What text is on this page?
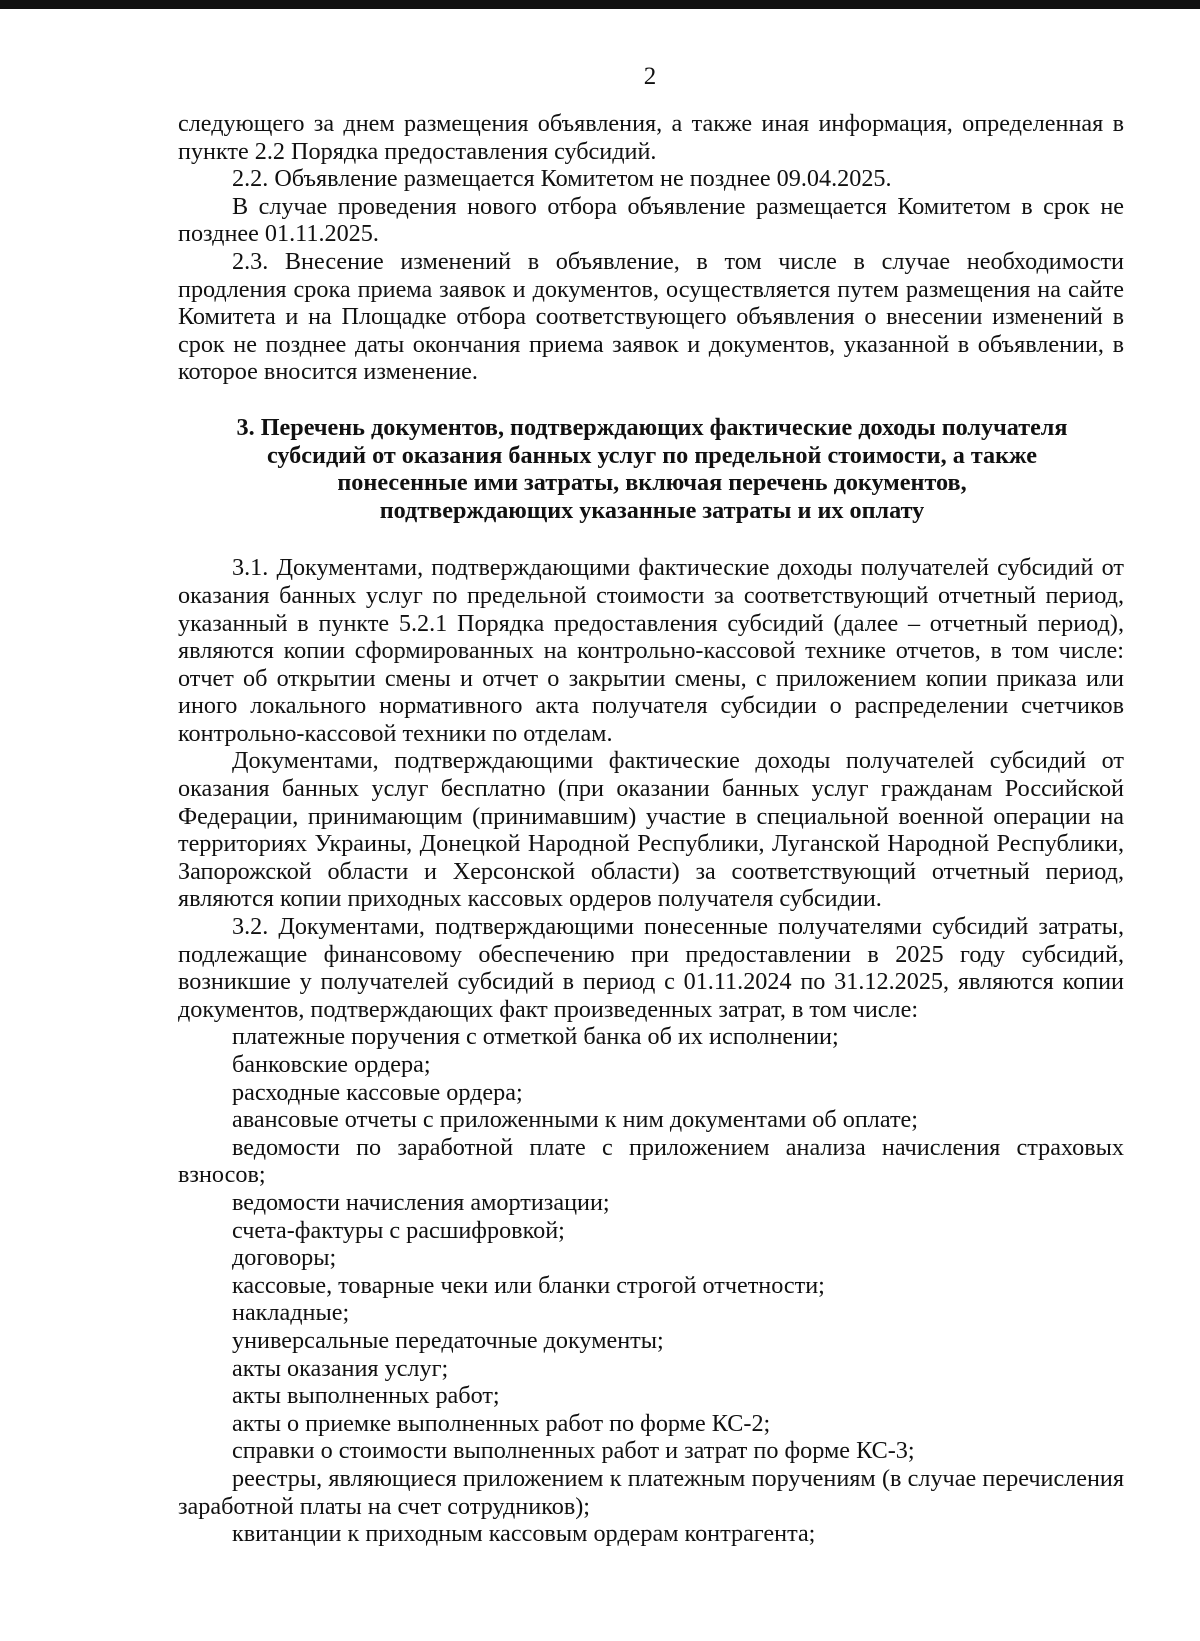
2

следующего за днем размещения объявления, а также иная информация, определенная в пункте 2.2 Порядка предоставления субсидий.

2.2. Объявление размещается Комитетом не позднее 09.04.2025.

В случае проведения нового отбора объявление размещается Комитетом в срок не позднее 01.11.2025.

2.3. Внесение изменений в объявление, в том числе в случае необходимости продления срока приема заявок и документов, осуществляется путем размещения на сайте Комитета и на Площадке отбора соответствующего объявления о внесении изменений в срок не позднее даты окончания приема заявок и документов, указанной в объявлении, в которое вносится изменение.

3. Перечень документов, подтверждающих фактические доходы получателя
субсидий от оказания банных услуг по предельной стоимости, а также
понесенные ими затраты, включая перечень документов,
подтверждающих указанные затраты и их оплату

3.1. Документами, подтверждающими фактические доходы получателей субсидий от оказания банных услуг по предельной стоимости за соответствующий отчетный период, указанный в пункте 5.2.1 Порядка предоставления субсидий (далее – отчетный период), являются копии сформированных на контрольно-кассовой технике отчетов, в том числе: отчет об открытии смены и отчет о закрытии смены, с приложением копии приказа или иного локального нормативного акта получателя субсидии о распределении счетчиков контрольно-кассовой техники по отделам.

Документами, подтверждающими фактические доходы получателей субсидий от оказания банных услуг бесплатно (при оказании банных услуг гражданам Российской Федерации, принимающим (принимавшим) участие в специальной военной операции на территориях Украины, Донецкой Народной Республики, Луганской Народной Республики, Запорожской области и Херсонской области) за соответствующий отчетный период, являются копии приходных кассовых ордеров получателя субсидии.

3.2. Документами, подтверждающими понесенные получателями субсидий затраты, подлежащие финансовому обеспечению при предоставлении в 2025 году субсидий, возникшие у получателей субсидий в период с 01.11.2024 по 31.12.2025, являются копии документов, подтверждающих факт произведенных затрат, в том числе:

платежные поручения с отметкой банка об их исполнении;

банковские ордера;

расходные кассовые ордера;

авансовые отчеты с приложенными к ним документами об оплате;

ведомости по заработной плате с приложением анализа начисления страховых взносов;

ведомости начисления амортизации;

счета-фактуры с расшифровкой;

договоры;

кассовые, товарные чеки или бланки строгой отчетности;

накладные;

универсальные передаточные документы;

акты оказания услуг;

акты выполненных работ;

акты о приемке выполненных работ по форме КС-2;

справки о стоимости выполненных работ и затрат по форме КС-3;

реестры, являющиеся приложением к платежным поручениям (в случае перечисления заработной платы на счет сотрудников);

квитанции к приходным кассовым ордерам контрагента;
